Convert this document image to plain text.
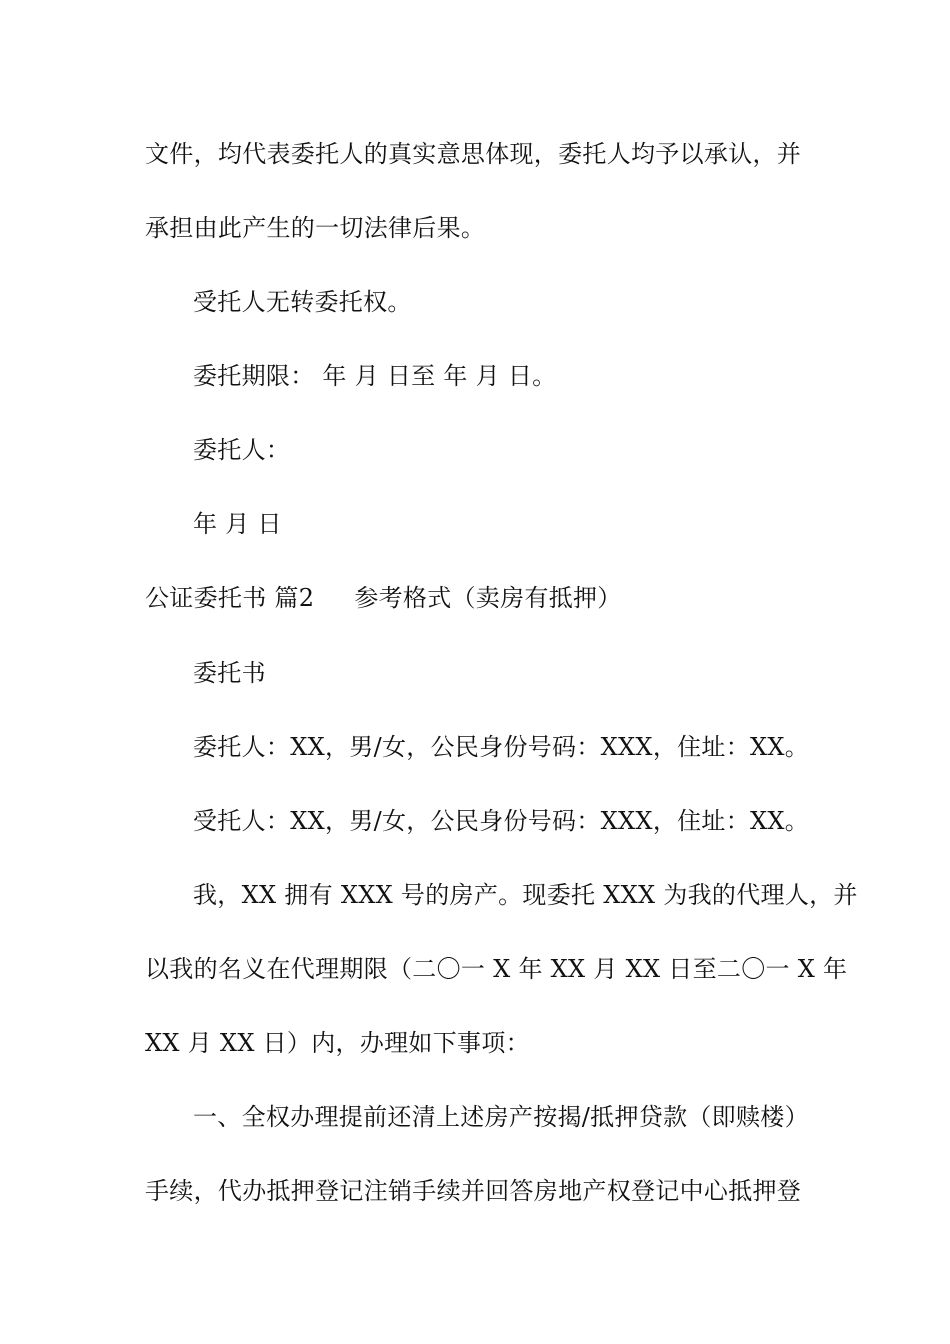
文件，均代表委托人的真实意思体现，委托人均予以承认，并
承担由此产生的一切法律后果。
受托人无转委托权。
委托期限： 年 月 日至 年 月 日。
委托人：
年 月 日
公证委托书 篇2 参考格式（卖房有抵押）
委托书
委托人：XX，男/女，公民身份号码：XXX，住址：XX。
受托人：XX，男/女，公民身份号码：XXX，住址：XX。
我，XX 拥有 XXX 号的房产。现委托 XXX 为我的代理人，并
以我的名义在代理期限（二〇一 X 年 XX 月 XX 日至二〇一 X 年
XX 月 XX 日）内，办理如下事项：
一、全权办理提前还清上述房产按揭/抵押贷款（即赎楼）
手续，代办抵押登记注销手续并回答房地产权登记中心抵押登
